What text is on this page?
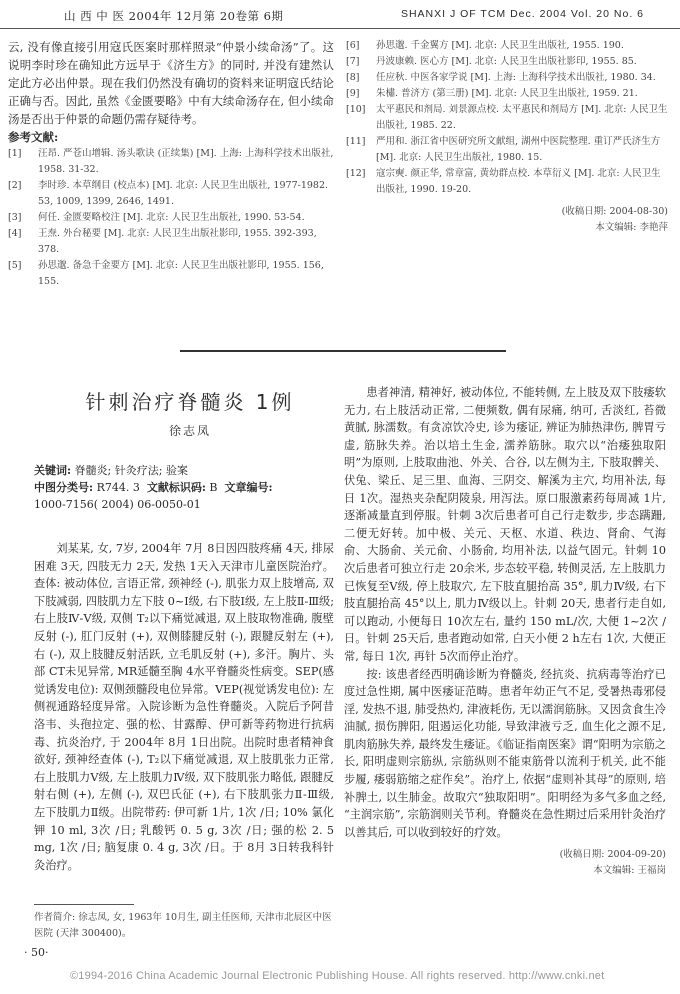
山 西 中 医 2004年 12月第 20卷第 6期	SHANXI J OF TCM Dec. 2004 Vol. 20 No. 6

云, 没有像直接引用寇氏医案时那样照录“仲景小续命汤”了。这说明李时珍在确知此方远早于《济生方》的同时, 并没有建然认定此方必出仲景。现在我们仍然没有确切的资料来证明寇氏结论正确与否。因此, 虽然《金匮要略》中有大续命汤存在, 但小续命汤是否出于仲景的命题仍需存疑待考。

参考文献:
[1]	汪昂. 严苍山增辑. 汤头歌诀 (正续集) [M]. 上海: 上海科学技术出版社, 1958. 31-32.
[2]	李时珍. 本草纲目 (校点本) [M]. 北京: 人民卫生出版社, 1977-1982. 53, 1009, 1399, 2646, 1491.
[3]	何任. 金匮要略校注 [M]. 北京: 人民卫生出版社, 1990. 53-54.
[4]	王焘. 外台秘要 [M]. 北京: 人民卫生出版社影印, 1955. 392-393, 378.
[5]	孙思邈. 备急千金要方 [M]. 北京: 人民卫生出版社影印, 1955. 156, 155.
[6]	孙思邈. 千金翼方 [M]. 北京: 人民卫生出版社, 1955. 190.
[7]	丹波康赖. 医心方 [M]. 北京: 人民卫生出版社影印, 1955. 85.
[8]	任应秋. 中医各家学说 [M]. 上海: 上海科学技术出版社, 1980. 34.
[9]	朱橚. 普济方 (第三册) [M]. 北京: 人民卫生出版社, 1959. 21.
[10]	太平惠民和剂局. 刘景源点校. 太平惠民和剂局方 [M]. 北京: 人民卫生出版社, 1985. 22.
[11]	严用和. 浙江省中医研究所文献组, 湖州中医院整理. 重订严氏济生方 [M]. 北京: 人民卫生出版社, 1980. 15.
[12]	寇宗奭. 颜正华, 常章富, 黄幼群点校. 本草衍义 [M]. 北京: 人民卫生出版社, 1990. 19-20.
(收稿日期: 2004-08-30)
本文编辑: 李艳萍
针刺治疗脊髓炎 1例
徐志凤
关键词: 脊髓炎; 针灸疗法; 验案
中图分类号: R744. 3 文献标识码: B 文章编号:
1000-7156( 2004) 06-0050-01

刘某某, 女, 7岁, 2004年 7月 8日因四肢疼痛 4天, 排尿困难 3天, 四肢无力 2天, 发热 1天入天津市儿童医院治疗。查体: 被动体位, 言语正常, 颈神经 (-), 肌张力双上肢增高, 双下肢减弱, 四肢肌力左下肢 0~Ⅰ级, 右下肢Ⅰ级, 左上肢Ⅱ-Ⅲ级; 右上肢Ⅳ-Ⅴ级, 双侧 T₂以下痛觉减退, 双上肢取物准确, 腹壁反射 (-), 肛门反射 (+), 双侧膝腱反射 (-), 跟腱反射左 (+), 右 (-), 双上肢腱反射活跃, 立毛肌反射 (+), 多汗。胸片、头部 CT未见异常, MR延髓至胸 4水平脊髓炎性病变。SEP(感觉诱发电位): 双侧颈髓段电位异常。VEP(视觉诱发电位): 左侧视通路轻度异常。入院诊断为急性脊髓炎。入院后予阿昔洛韦、头孢拉定、强的松、甘露醇、伊可新等药物进行抗病毒、抗炎治疗, 于 2004年 8月 1日出院。出院时患者精神食欲好, 颈神经查体 (-), T₂以下痛觉减退, 双上肢肌张力正常, 右上肢肌力Ⅴ级, 左上肢肌力Ⅳ级, 双下肢肌张力略低, 跟腱反射右侧 (+), 左侧 (-), 双巴氏征 (+), 右下肢肌张力Ⅱ-Ⅲ级, 左下肢肌力Ⅱ级。出院带药: 伊可新 1片, 1次 /日; 10% 氯化钾 10 ml, 3次 /日; 乳酸钙 0. 5 g, 3次 /日; 强的松 2. 5 mg, 1次 /日; 脑复康 0. 4 g, 3次 /日。于 8月 3日转我科针灸治疗。

患者神清, 精神好, 被动体位, 不能转侧, 左上肢及双下肢痿软无力, 右上肢活动正常, 二便频数, 偶有尿痛, 纳可, 舌淡红, 苔微黄腻, 脉濡数。有贪凉饮冷史, 诊为痿证, 辨证为肺热津伤, 脾胃亏虚, 筋脉失养。治以培土生金, 濡养筋脉。取穴以“治痿独取阳明”为原则, 上肢取曲池、外关、合谷, 以左侧为主, 下肢取髀关、伏兔、梁丘、足三里、血海、三阴交、解溪为主穴, 均用补法, 每日 1次。湿热夹杂配阴陵泉, 用泻法。原口服激素药每周减 1片, 逐渐减量直到停服。针刺 3次后患者可自己行走数步, 步态蹒跚, 二便无好转。加中极、关元、天枢、水道、秩边、肾俞、气海俞、大肠俞、关元俞、小肠俞, 均用补法, 以益气固元。针刺 10次后患者可独立行走 20余米, 步态较平稳, 转侧灵活, 左上肢肌力已恢复至Ⅴ级, 停上肢取穴, 左下肢直腿抬高 35°, 肌力Ⅳ级, 右下肢直腿抬高 45°以上, 肌力Ⅳ级以上。针刺 20天, 患者行走自如, 可以跑动, 小便每日 10次左右, 量约 150 mL/次, 大便 1~2次 /日。针刺 25天后, 患者跑动如常, 白天小便 2 h左右 1次, 大便正常, 每日 1次, 再针 5次而停止治疗。

按: 该患者经西明确诊断为脊髓炎, 经抗炎、抗病毒等治疗已度过急性期, 属中医痿证范畴。患者年幼正气不足, 受暑热毒邪侵淫, 发热不退, 肺受热灼, 津液耗伤, 无以濡润筋脉。又因贪食生冷油腻, 损伤脾阳, 阻遏运化功能, 导致津液亏乏, 血生化之源不足, 肌肉筋脉失养, 最终发生痿证。《临证指南医案》谓“阳明为宗筋之长, 阳明虚则宗筋纵, 宗筋纵则不能束筋骨以流利于机关, 此不能步履, 痿弱筋缩之症作矣”。治疗上, 依据“虚则补其母”的原则, 培补脾土, 以生肺金。故取穴“独取阳明”。阳明经为多气多血之经, “主润宗筋”, 宗筋润则关节利。脊髓炎在急性期过后采用针灸治疗以善其后, 可以收到较好的疗效。

(收稿日期: 2004-09-20)
本文编辑: 王福岗
作者简介: 徐志凤, 女, 1963年 10月生, 副主任医师, 天津市北辰区中医医院 (天津 300400)。
· 50·
©1994-2016 China Academic Journal Electronic Publishing House. All rights reserved. http://www.cnki.net
